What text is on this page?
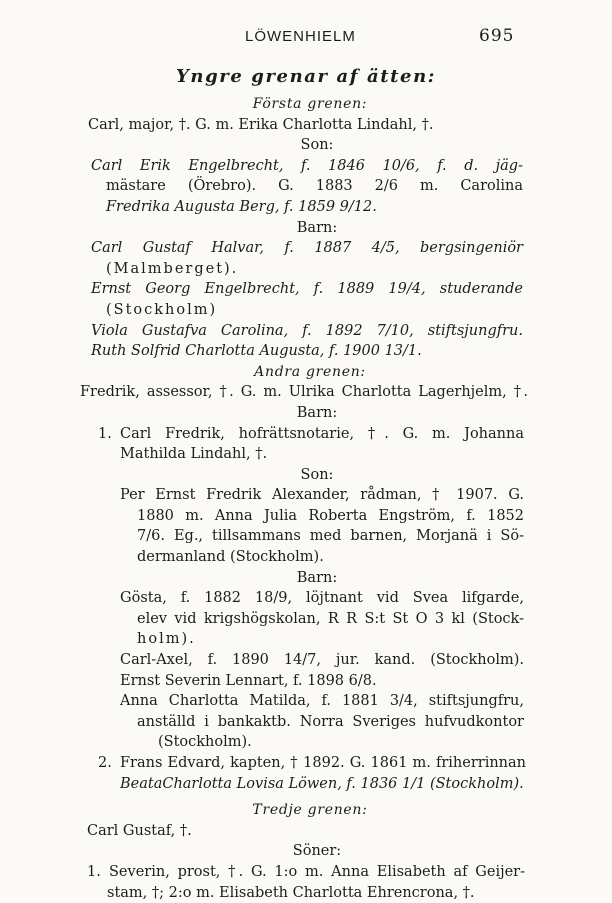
LÖWENHIELM	695
Yngre grenar af ätten:
Första grenen:
Carl, major, †. G. m. Erika Charlotta Lindahl, †.
Son:
Carl Erik Engelbrecht, f. 1846 10/6, f. d. jäg-
mästare (Örebro). G. 1883 2/6 m. Carolina
Fredrika Augusta Berg, f. 1859 9/12.
Barn:
Carl Gustaf Halvar, f. 1887 4/5, bergsingeniör
(Malmberget).
Ernst Georg Engelbrecht, f. 1889 19/4, studerande
(Stockholm)
Viola Gustafva Carolina, f. 1892 7/10, stiftsjungfru.
Ruth Solfrid Charlotta Augusta, f. 1900 13/1.
Andra grenen:
Fredrik, assessor, †. G. m. Ulrika Charlotta Lagerhjelm, †.
Barn:
1. Carl Fredrik, hofrättsnotarie, †. G. m. Johanna
Mathilda Lindahl, †.
Son:
Per Ernst Fredrik Alexander, rådman, † 1907. G.
1880 m. Anna Julia Roberta Engström, f. 1852
7/6. Eg., tillsammans med barnen, Morjanä i Sö-
dermanland (Stockholm).
Barn:
Gösta, f. 1882 18/9, löjtnant vid Svea lifgarde,
elev vid krigshögskolan, R R S:t St O 3 kl (Stock-
holm).
Carl-Axel, f. 1890 14/7, jur. kand. (Stockholm).
Ernst Severin Lennart, f. 1898 6/8.
Anna Charlotta Matilda, f. 1881 3/4, stiftsjungfru,
anställd i bankaktb. Norra Sveriges hufvudkontor
(Stockholm).
2. Frans Edvard, kapten, † 1892. G. 1861 m. friherrinnan
BeataCharlotta Lovisa Löwen, f. 1836 1/1 (Stockholm).
Tredje grenen:
Carl Gustaf, †.
Söner:
1. Severin, prost, †. G. 1:o m. Anna Elisabeth af Geijer-
stam, †; 2:o m. Elisabeth Charlotta Ehrencrona, †.
